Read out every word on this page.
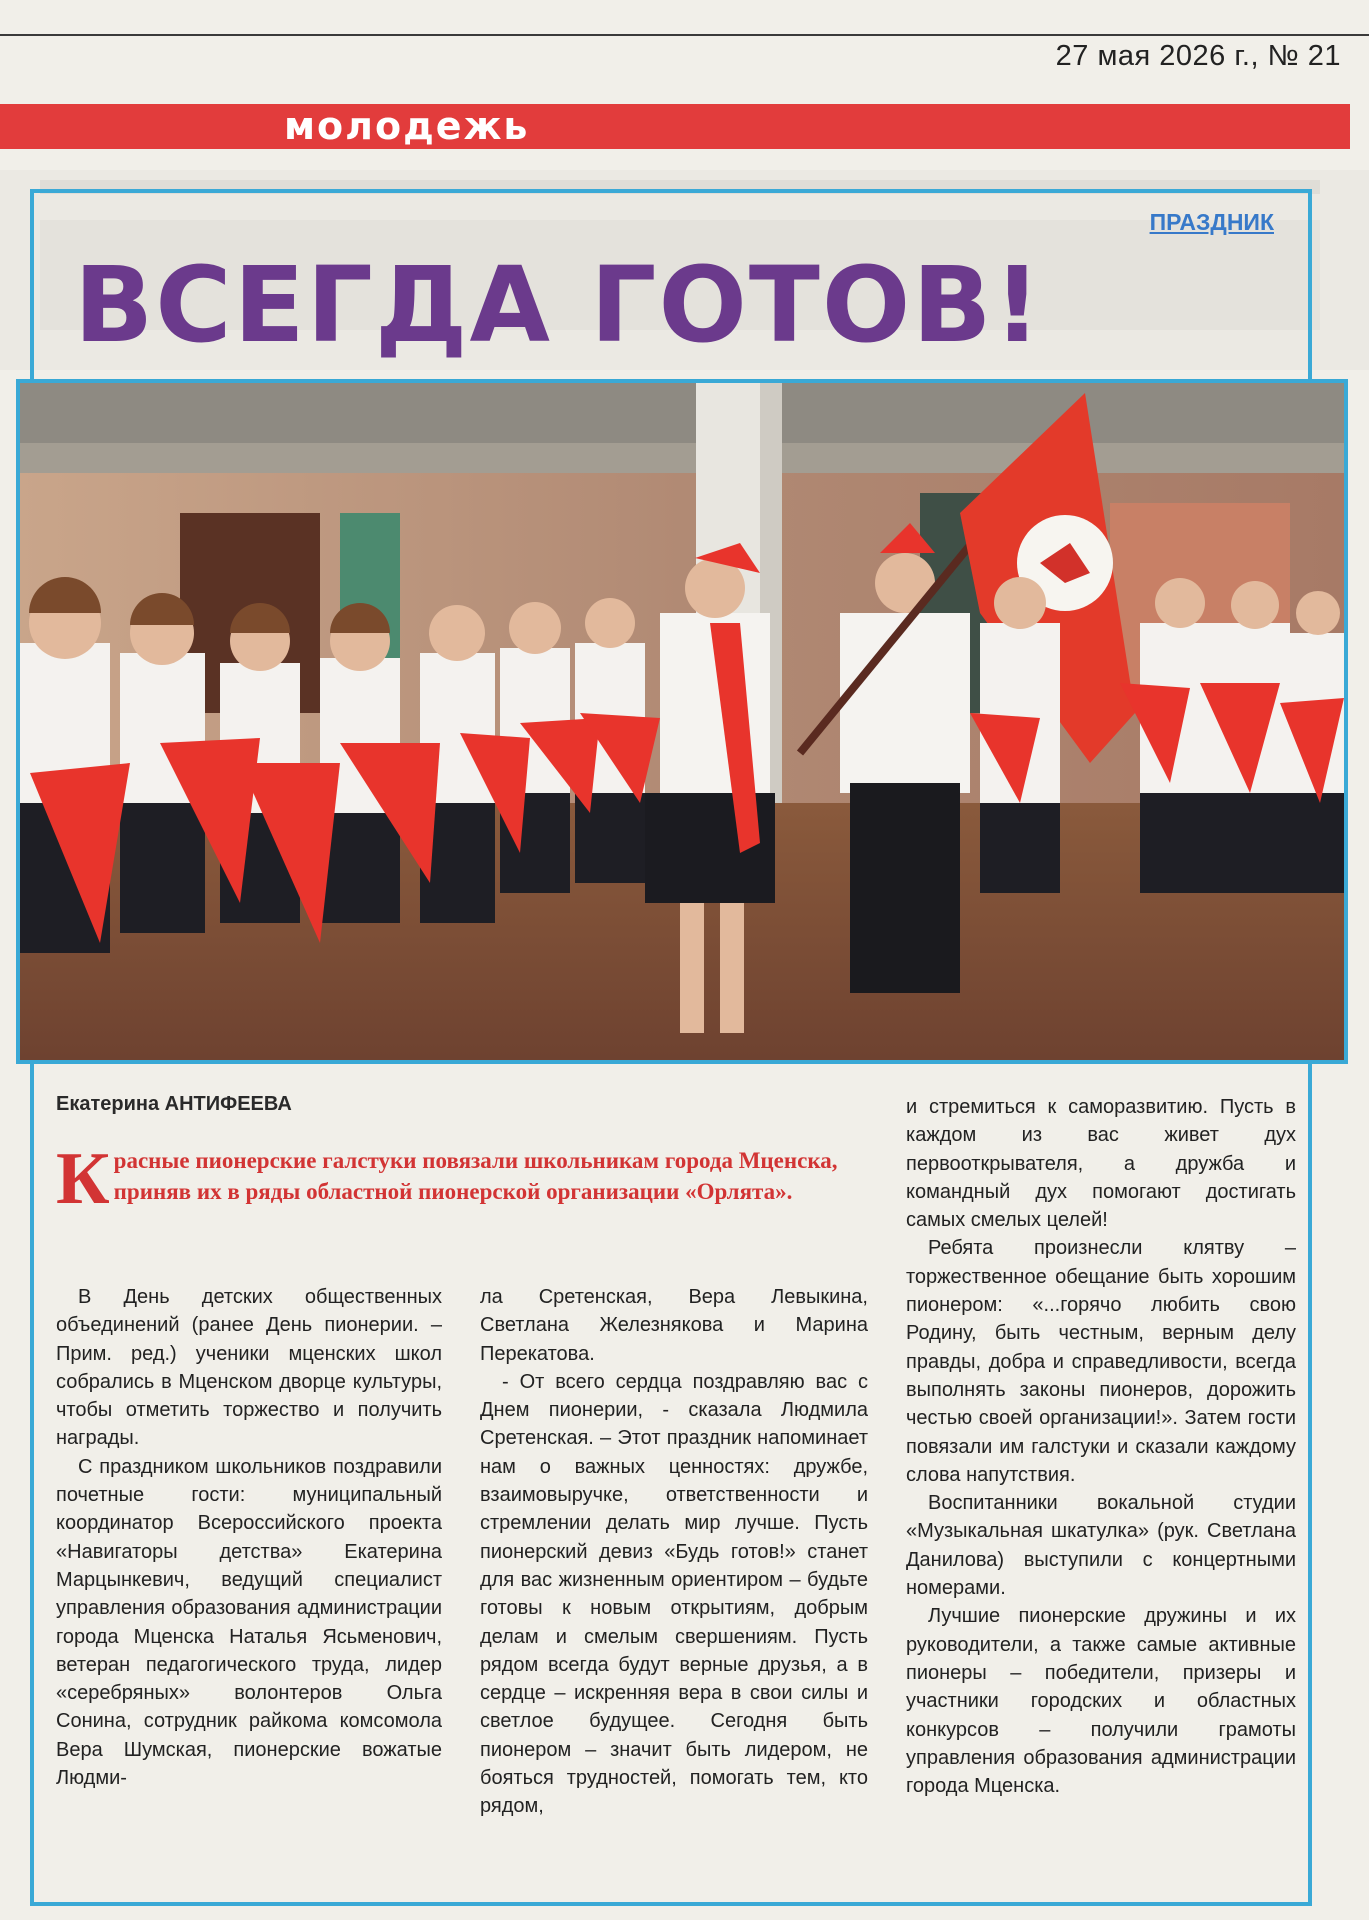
27 мая 2026 г., № 21
молодежь
ПРАЗДНИК
ВСЕГДА ГОТОВ!
Екатерина АНТИФЕЕВА
Красные пионерские галстуки повязали школьникам города Мценска, приняв их в ряды областной пионерской организации «Орлята».

В День детских общественных объединений (ранее День пионерии. – Прим. ред.) ученики мценских школ собрались в Мценском дворце культуры, чтобы отметить торжество и получить награды.

С праздником школьников поздравили почетные гости: муниципальный координатор Всероссийского проекта «Навигаторы детства» Екатерина Марцынкевич, ведущий специалист управления образования администрации города Мценска Наталья Ясьменович, ветеран педагогического труда, лидер «серебряных» волонтеров Ольга Сонина, сотрудник райкома комсомола Вера Шумская, пионерские вожатые Людми-

ла Сретенская, Вера Левыкина, Светлана Железнякова и Марина Перекатова.

- От всего сердца поздравляю вас с Днем пионерии, - сказала Людмила Сретенская. – Этот праздник напоминает нам о важных ценностях: дружбе, взаимовыручке, ответственности и стремлении делать мир лучше. Пусть пионерский девиз «Будь готов!» станет для вас жизненным ориентиром – будьте готовы к новым открытиям, добрым делам и смелым свершениям. Пусть рядом всегда будут верные друзья, а в сердце – искренняя вера в свои силы и светлое будущее. Сегодня быть пионером – значит быть лидером, не бояться трудностей, помогать тем, кто рядом,

и стремиться к саморазвитию. Пусть в каждом из вас живет дух первооткрывателя, а дружба и командный дух помогают достигать самых смелых целей!

Ребята произнесли клятву – торжественное обещание быть хорошим пионером: «...горячо любить свою Родину, быть честным, верным делу правды, добра и справедливости, всегда выполнять законы пионеров, дорожить честью своей организации!». Затем гости повязали им галстуки и сказали каждому слова напутствия.

Воспитанники вокальной студии «Музыкальная шкатулка» (рук. Светлана Данилова) выступили с концертными номерами.

Лучшие пионерские дружины и их руководители, а также самые активные пионеры – победители, призеры и участники городских и областных конкурсов – получили грамоты управления образования администрации города Мценска.
